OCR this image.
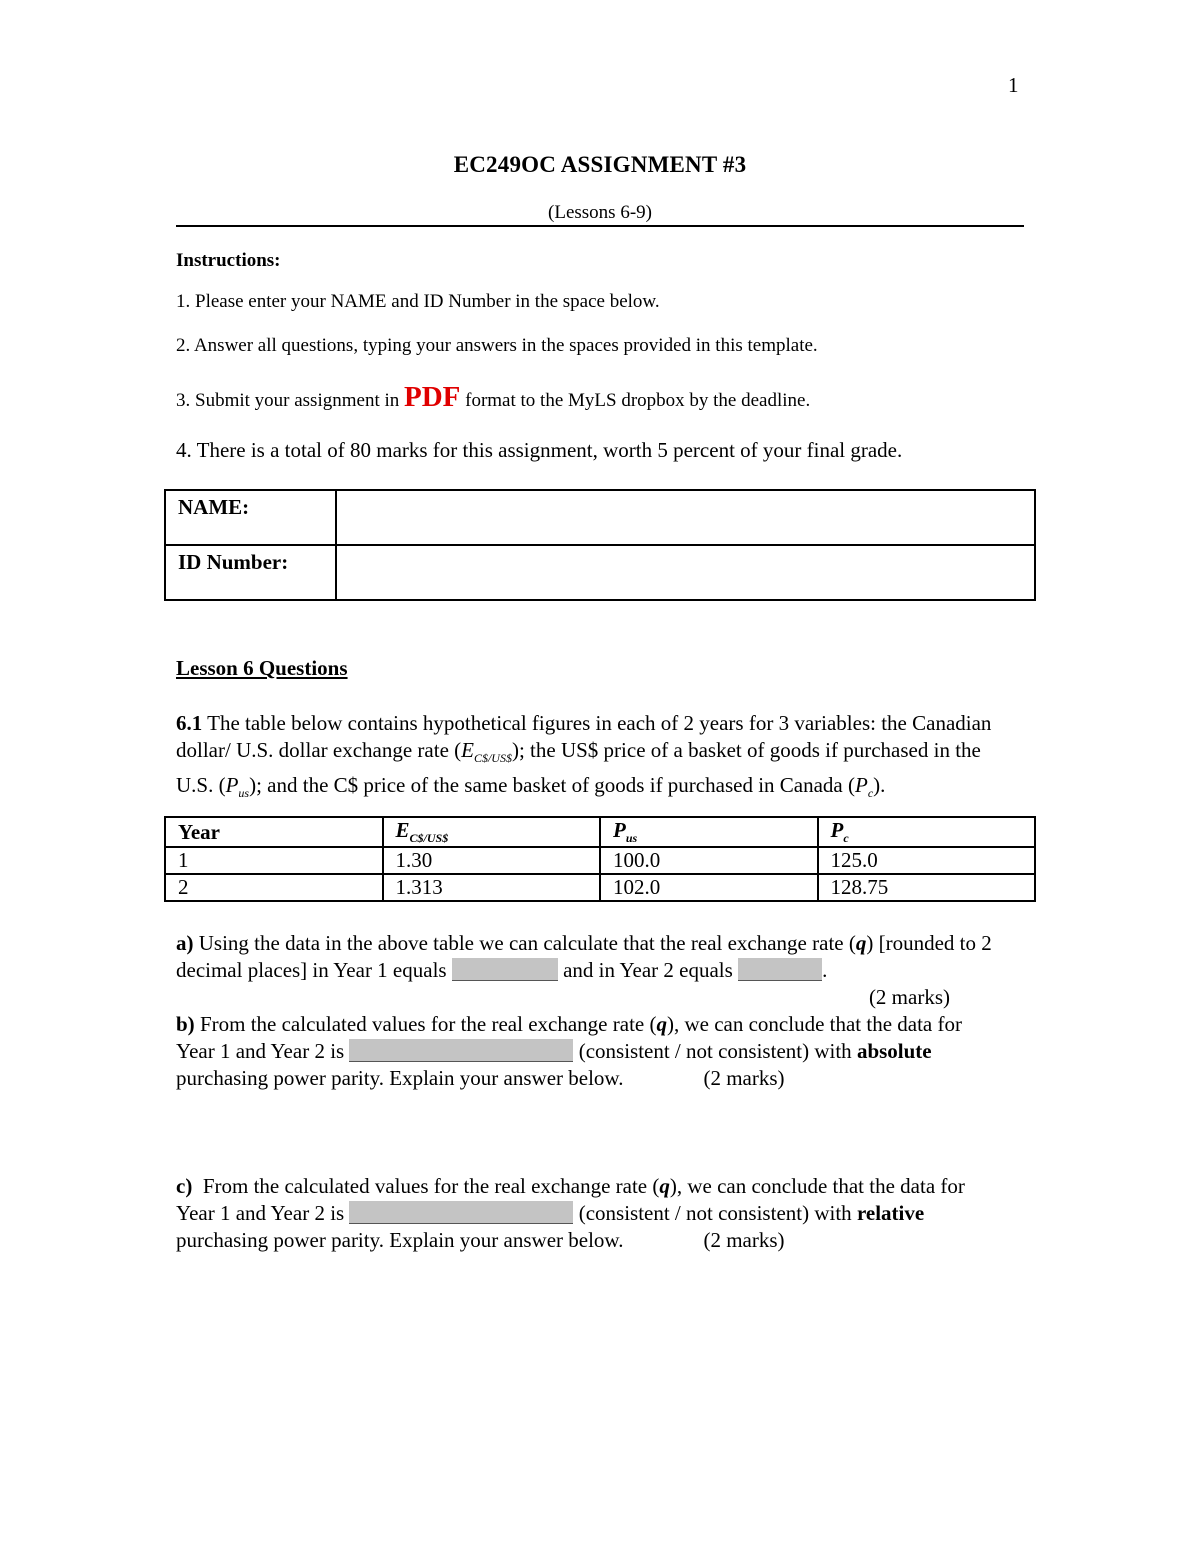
1
EC249OC ASSIGNMENT #3
(Lessons 6-9)
Instructions:
1. Please enter your NAME and ID Number in the space below.
2. Answer all questions, typing your answers in the spaces provided in this template.
3. Submit your assignment in PDF format to the MyLS dropbox by the deadline.
4. There is a total of 80 marks for this assignment, worth 5 percent of your final grade.
NAME:	
ID Number:	
Lesson 6 Questions
6.1 The table below contains hypothetical figures in each of 2 years for 3 variables: the Canadian dollar/ U.S. dollar exchange rate $(E_{C\$/US\$})$; the US$ price of a basket of goods if purchased in the U.S. $(P_{us})$; and the C$ price of the same basket of goods if purchased in Canada $(P_c)$.
Year	$E_{C\$/US\$}$	$P_{us}$	$P_c$
1	1.30	100.0	125.0
2	1.313	102.0	128.75
a) Using the data in the above table we can calculate that the real exchange rate (q) [rounded to 2 decimal places] in Year 1 equals	and in Year 2 equals	.
(2 marks)
b) From the calculated values for the real exchange rate (q), we can conclude that the data for Year 1 and Year 2 is	(consistent / not consistent) with absolute purchasing power parity. Explain your answer below.	(2 marks)
c)  From the calculated values for the real exchange rate (q), we can conclude that the data for Year 1 and Year 2 is	(consistent / not consistent) with relative purchasing power parity. Explain your answer below.	(2 marks)
